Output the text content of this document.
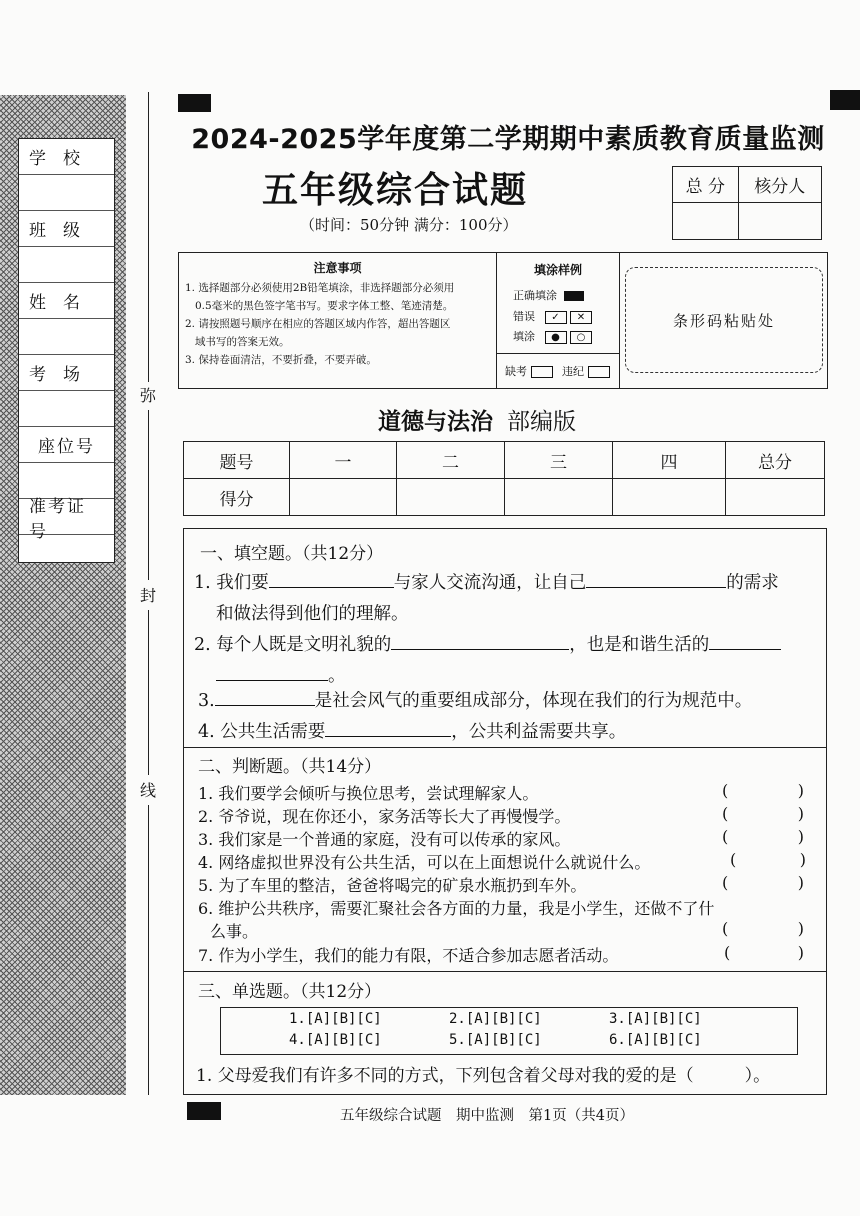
学　校
班　级
姓　名
考　场
座位号
准考证号
弥
封
线
2024-2025学年度第二学期期中素质教育质量监测
五年级综合试题
（时间：50分钟 满分：100分）
总 分	核分人

注意事项
1. 选择题部分必须使用2B铅笔填涂，非选择题部分必须用
0.5毫米的黑色签字笔书写。要求字体工整、笔迹清楚。
2. 请按照题号顺序在相应的答题区域内作答，超出答题区
域书写的答案无效。
3. 保持卷面清洁，不要折叠，不要弄破。
填涂样例
正确填涂
错误 ✓ ✕
填涂 ● ○
缺考	违纪
条形码粘贴处
道德与法治 部编版
题号	一	二	三	四	总分
得分					
一、填空题。（共12分）
1. 我们要	与家人交流沟通，让自己	的需求
和做法得到他们的理解。
2. 每个人既是文明礼貌的	，也是和谐生活的
。
3.	是社会风气的重要组成部分，体现在我们的行为规范中。
4. 公共生活需要	，公共利益需要共享。
二、判断题。（共14分）
1. 我们要学会倾听与换位思考，尝试理解家人。
2. 爷爷说，现在你还小，家务活等长大了再慢慢学。
3. 我们家是一个普通的家庭，没有可以传承的家风。
4. 网络虚拟世界没有公共生活，可以在上面想说什么就说什么。
5. 为了车里的整洁，爸爸将喝完的矿泉水瓶扔到车外。
6. 维护公共秩序，需要汇聚社会各方面的力量，我是小学生，还做不了什
么事。
7. 作为小学生，我们的能力有限，不适合参加志愿者活动。
(	)
(	)
(	)
(	)
(	)
(	)
(	)
三、单选题。（共12分）
1.[A][B][C]	2.[A][B][C]	3.[A][B][C]
4.[A][B][C]	5.[A][B][C]	6.[A][B][C]
1. 父母爱我们有许多不同的方式，下列包含着父母对我的爱的是（　　　）。
五年级综合试题　期中监测　第1页（共4页）
